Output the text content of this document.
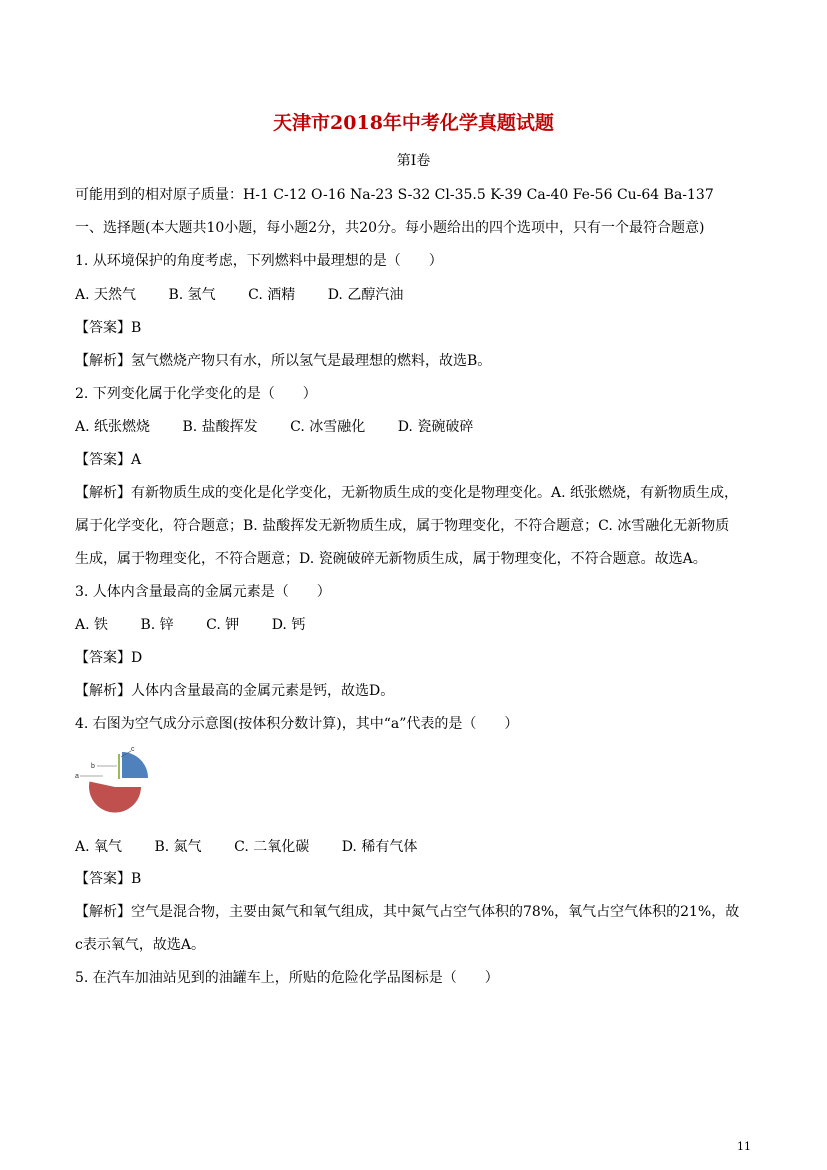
天津市2018年中考化学真题试题
第Ⅰ卷
可能用到的相对原子质量：H-1 C-12 O-16 Na-23 S-32 Cl-35.5 K-39 Ca-40 Fe-56 Cu-64 Ba-137
一、选择题(本大题共10小题，每小题2分，共20分。每小题给出的四个选项中，只有一个最符合题意)
1. 从环境保护的角度考虑，下列燃料中最理想的是（　　）
A. 天然气 B. 氢气 C. 酒精 D. 乙醇汽油
【答案】B
【解析】氢气燃烧产物只有水，所以氢气是最理想的燃料，故选B。
2. 下列变化属于化学变化的是（　　）
A. 纸张燃烧 B. 盐酸挥发 C. 冰雪融化 D. 瓷碗破碎
【答案】A
【解析】有新物质生成的变化是化学变化，无新物质生成的变化是物理变化。A. 纸张燃烧，有新物质生成，
属于化学变化，符合题意；B. 盐酸挥发无新物质生成，属于物理变化，不符合题意；C. 冰雪融化无新物质
生成，属于物理变化，不符合题意；D. 瓷碗破碎无新物质生成，属于物理变化，不符合题意。故选A。
3. 人体内含量最高的金属元素是（　　）
A. 铁 B. 锌 C. 钾 D. 钙
【答案】D
【解析】人体内含量最高的金属元素是钙，故选D。
4. 右图为空气成分示意图(按体积分数计算)，其中“a”代表的是（　　）
a
b
c
A. 氧气 B. 氮气 C. 二氧化碳 D. 稀有气体
【答案】B
【解析】空气是混合物，主要由氮气和氧气组成，其中氮气占空气体积的78%，氧气占空气体积的21%，故
c表示氧气，故选A。
5. 在汽车加油站见到的油罐车上，所贴的危险化学品图标是（　　）
11
